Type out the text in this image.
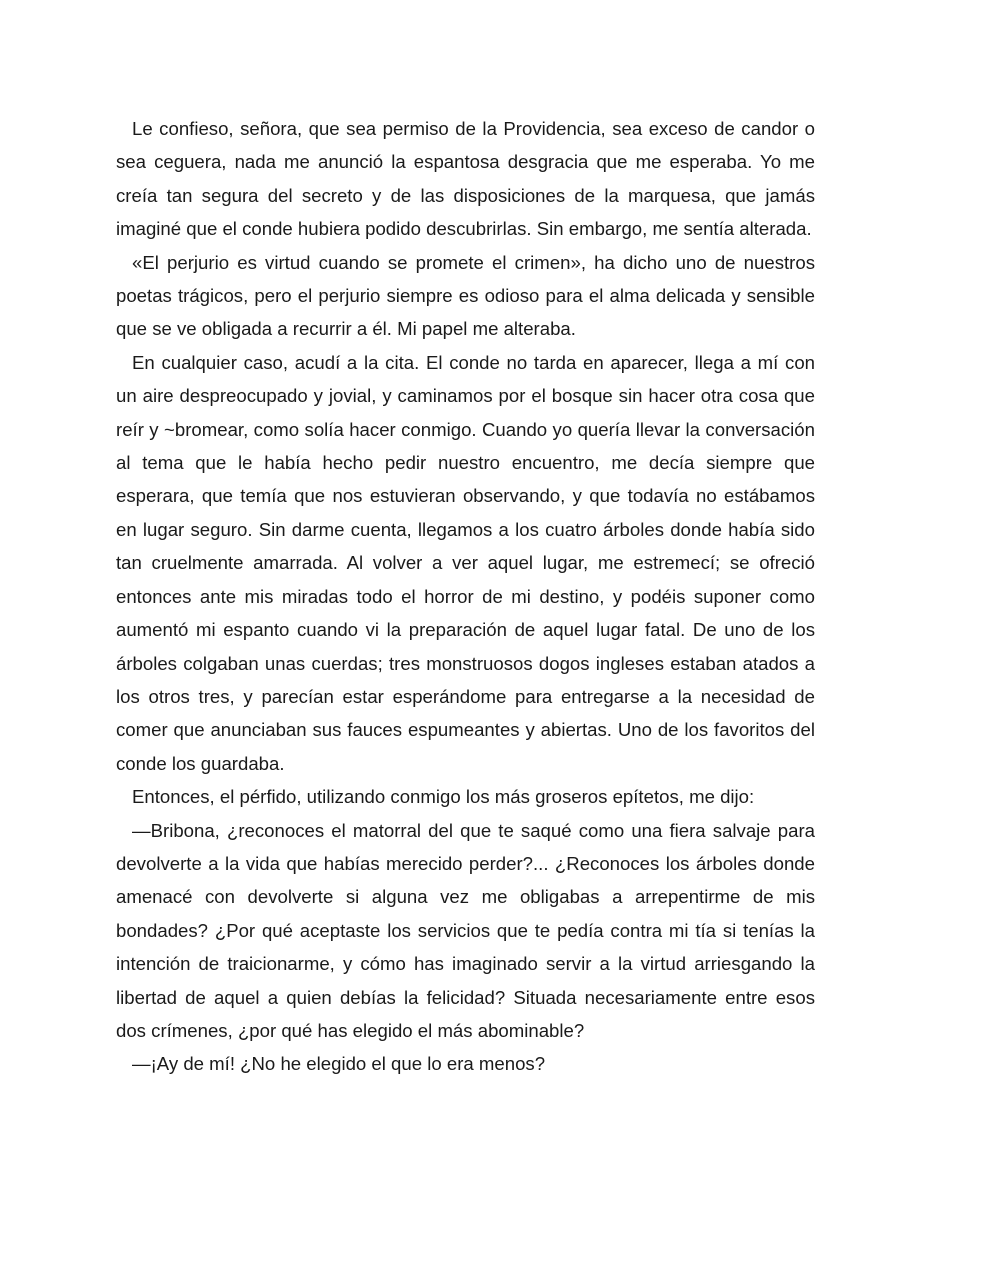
Le confieso, señora, que sea permiso de la Providencia, sea exceso de candor o sea ceguera, nada me anunció la espantosa desgracia que me esperaba. Yo me creía tan segura del secreto y de las disposiciones de la marquesa, que jamás imaginé que el conde hubiera podido descubrirlas. Sin embargo, me sentía alterada.

«El perjurio es virtud cuando se promete el crimen», ha dicho uno de nuestros poetas trágicos, pero el perjurio siempre es odioso para el alma delicada y sensible que se ve obligada a recurrir a él. Mi papel me alteraba.

En cualquier caso, acudí a la cita. El conde no tarda en aparecer, llega a mí con un aire despreocupado y jovial, y caminamos por el bosque sin hacer otra cosa que reír y ~bromear, como solía hacer conmigo. Cuando yo quería llevar la conversación al tema que le había hecho pedir nuestro encuentro, me decía siempre que esperara, que temía que nos estuvieran observando, y que todavía no estábamos en lugar seguro. Sin darme cuenta, llegamos a los cuatro árboles donde había sido tan cruelmente amarrada. Al volver a ver aquel lugar, me estremecí; se ofreció entonces ante mis miradas todo el horror de mi destino, y podéis suponer como aumentó mi espanto cuando vi la preparación de aquel lugar fatal. De uno de los árboles colgaban unas cuerdas; tres monstruosos dogos ingleses estaban atados a los otros tres, y parecían estar esperándome para entregarse a la necesidad de comer que anunciaban sus fauces espumeantes y abiertas. Uno de los favoritos del conde los guardaba.

Entonces, el pérfido, utilizando conmigo los más groseros epítetos, me dijo:

—Bribona, ¿reconoces el matorral del que te saqué como una fiera salvaje para devolverte a la vida que habías merecido perder?... ¿Reconoces los árboles donde amenacé con devolverte si alguna vez me obligabas a arrepentirme de mis bondades? ¿Por qué aceptaste los servicios que te pedía contra mi tía si tenías la intención de traicionarme, y cómo has imaginado servir a la virtud arriesgando la libertad de aquel a quien debías la felicidad? Situada necesariamente entre esos dos crímenes, ¿por qué has elegido el más abominable?

—¡Ay de mí! ¿No he elegido el que lo era menos?
